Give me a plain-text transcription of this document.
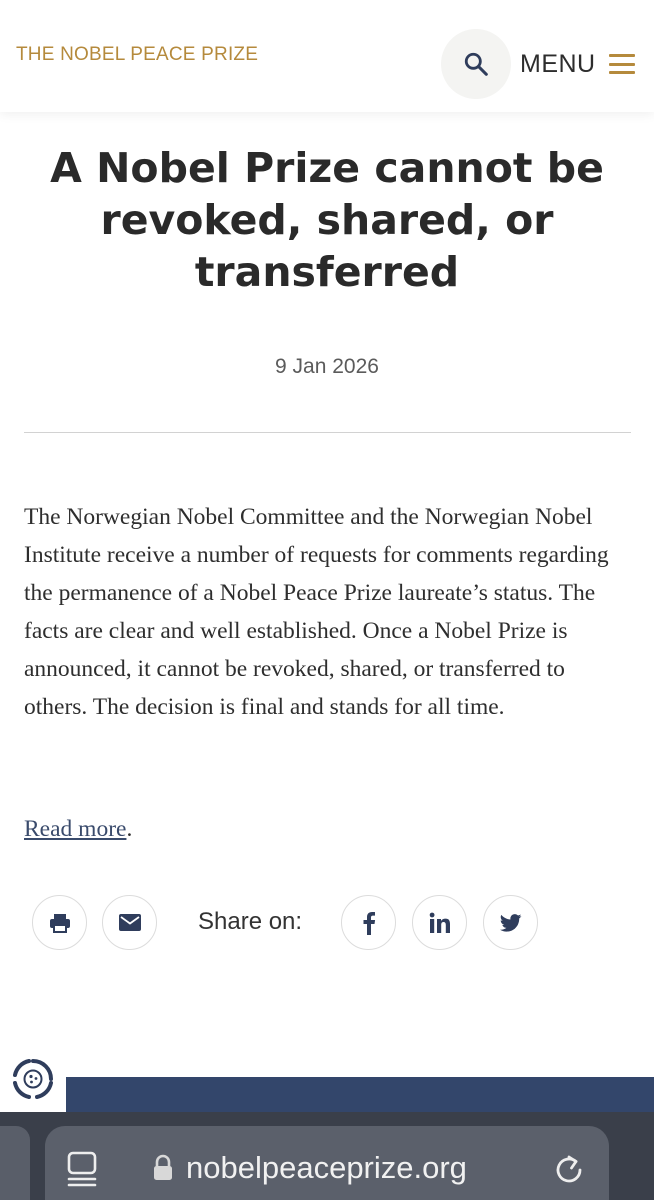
THE NOBEL PEACE PRIZE	MENU
A Nobel Prize cannot be revoked, shared, or transferred
9 Jan 2026

The Norwegian Nobel Committee and the Norwegian Nobel Institute receive a number of requests for comments regarding the permanence of a Nobel Peace Prize laureate’s status. The facts are clear and well established. Once a Nobel Prize is announced, it cannot be revoked, shared, or transferred to others. The decision is final and stands for all time.

Read more.
Share on:
nobelpeaceprize.org
